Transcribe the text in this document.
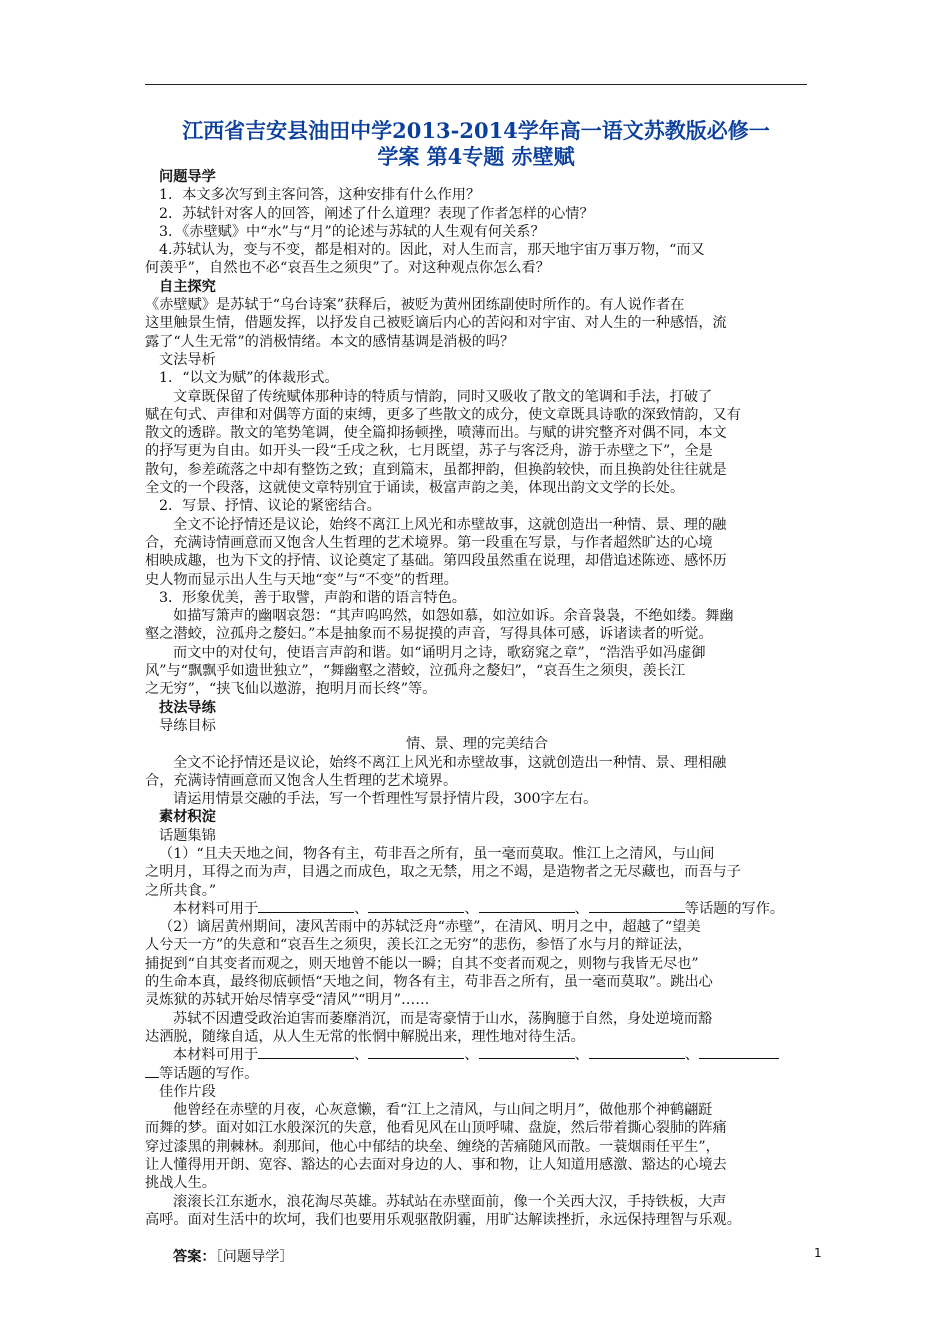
江西省吉安县油田中学2013-2014学年高一语文苏教版必修一
学案 第4专题 赤壁赋
问题导学
1．本文多次写到主客问答，这种安排有什么作用？
2．苏轼针对客人的回答，阐述了什么道理？表现了作者怎样的心情？
3．《赤壁赋》中“水”与“月”的论述与苏轼的人生观有何关系？
4.苏轼认为，变与不变，都是相对的。因此，对人生而言，那天地宇宙万事万物，“而又
何羡乎”，自然也不必“哀吾生之须臾”了。对这种观点你怎么看？
自主探究
《赤壁赋》是苏轼于“乌台诗案”获释后，被贬为黄州团练副使时所作的。有人说作者在
这里触景生情，借题发挥，以抒发自己被贬谪后内心的苦闷和对宇宙、对人生的一种感悟，流
露了“人生无常”的消极情绪。本文的感情基调是消极的吗？
文法导析
1．“以文为赋”的体裁形式。
文章既保留了传统赋体那种诗的特质与情韵，同时又吸收了散文的笔调和手法，打破了
赋在句式、声律和对偶等方面的束缚，更多了些散文的成分，使文章既具诗歌的深致情韵，又有
散文的透辟。散文的笔势笔调，使全篇抑扬顿挫，喷薄而出。与赋的讲究整齐对偶不同，本文
的抒写更为自由。如开头一段“壬戌之秋，七月既望，苏子与客泛舟，游于赤壁之下”，全是
散句，参差疏落之中却有整饬之致；直到篇末，虽都押韵，但换韵较快，而且换韵处往往就是
全文的一个段落，这就使文章特别宜于诵读，极富声韵之美，体现出韵文文学的长处。
2．写景、抒情、议论的紧密结合。
全文不论抒情还是议论，始终不离江上风光和赤壁故事，这就创造出一种情、景、理的融
合，充满诗情画意而又饱含人生哲理的艺术境界。第一段重在写景，与作者超然旷达的心境
相映成趣，也为下文的抒情、议论奠定了基础。第四段虽然重在说理，却借追述陈迹、感怀历
史人物而显示出人生与天地“变”与“不变”的哲理。
3．形象优美，善于取譬，声韵和谐的语言特色。
如描写箫声的幽咽哀怨：“其声呜呜然，如怨如慕，如泣如诉。余音袅袅，不绝如缕。舞幽
壑之潜蛟，泣孤舟之嫠妇。”本是抽象而不易捉摸的声音，写得具体可感，诉诸读者的听觉。
而文中的对仗句，使语言声韵和谐。如“诵明月之诗，歌窈窕之章”，“浩浩乎如冯虚御
风”与“飘飘乎如遗世独立”，“舞幽壑之潜蛟，泣孤舟之嫠妇”，“哀吾生之须臾，羡长江
之无穷”，“挟飞仙以遨游，抱明月而长终”等。
技法导练
导练目标
情、景、理的完美结合
全文不论抒情还是议论，始终不离江上风光和赤壁故事，这就创造出一种情、景、理相融
合，充满诗情画意而又饱含人生哲理的艺术境界。
请运用情景交融的手法，写一个哲理性写景抒情片段，300字左右。
素材积淀
话题集锦
（1）“且夫天地之间，物各有主，苟非吾之所有，虽一毫而莫取。惟江上之清风，与山间
之明月，耳得之而为声，目遇之而成色，取之无禁，用之不竭，是造物者之无尽藏也，而吾与子
之所共食。”
本材料可用于	、	、	、	等话题的写作。
（2）谪居黄州期间，凄风苦雨中的苏轼泛舟“赤壁”，在清风、明月之中，超越了“望美
人兮天一方”的失意和“哀吾生之须臾，羡长江之无穷”的悲伤，参悟了水与月的辩证法，
捕捉到“自其变者而观之，则天地曾不能以一瞬；自其不变者而观之，则物与我皆无尽也”
的生命本真，最终彻底顿悟“天地之间，物各有主，苟非吾之所有，虽一毫而莫取”。跳出心
灵炼狱的苏轼开始尽情享受“清风”“明月”……
苏轼不因遭受政治迫害而萎靡消沉，而是寄豪情于山水，荡胸臆于自然，身处逆境而豁
达洒脱，随缘自适，从人生无常的怅惘中解脱出来，理性地对待生活。
本材料可用于	、	、	、	、
等话题的写作。
佳作片段
他曾经在赤壁的月夜，心灰意懒，看“江上之清风，与山间之明月”，做他那个神鹤翩跹
而舞的梦。面对如江水般深沉的失意，他看见风在山顶呼啸、盘旋，然后带着撕心裂肺的阵痛
穿过漆黑的荆棘林。刹那间，他心中郁结的块垒、缠绕的苦痛随风而散。一蓑烟雨任平生”，
让人懂得用开朗、宽容、豁达的心去面对身边的人、事和物，让人知道用感激、豁达的心境去
挑战人生。
滚滚长江东逝水，浪花淘尽英雄。苏轼站在赤壁面前，像一个关西大汉，手持铁板，大声
高呼。面对生活中的坎坷，我们也要用乐观驱散阴霾，用旷达解读挫折，永远保持理智与乐观。
答案：［问题导学］	1
